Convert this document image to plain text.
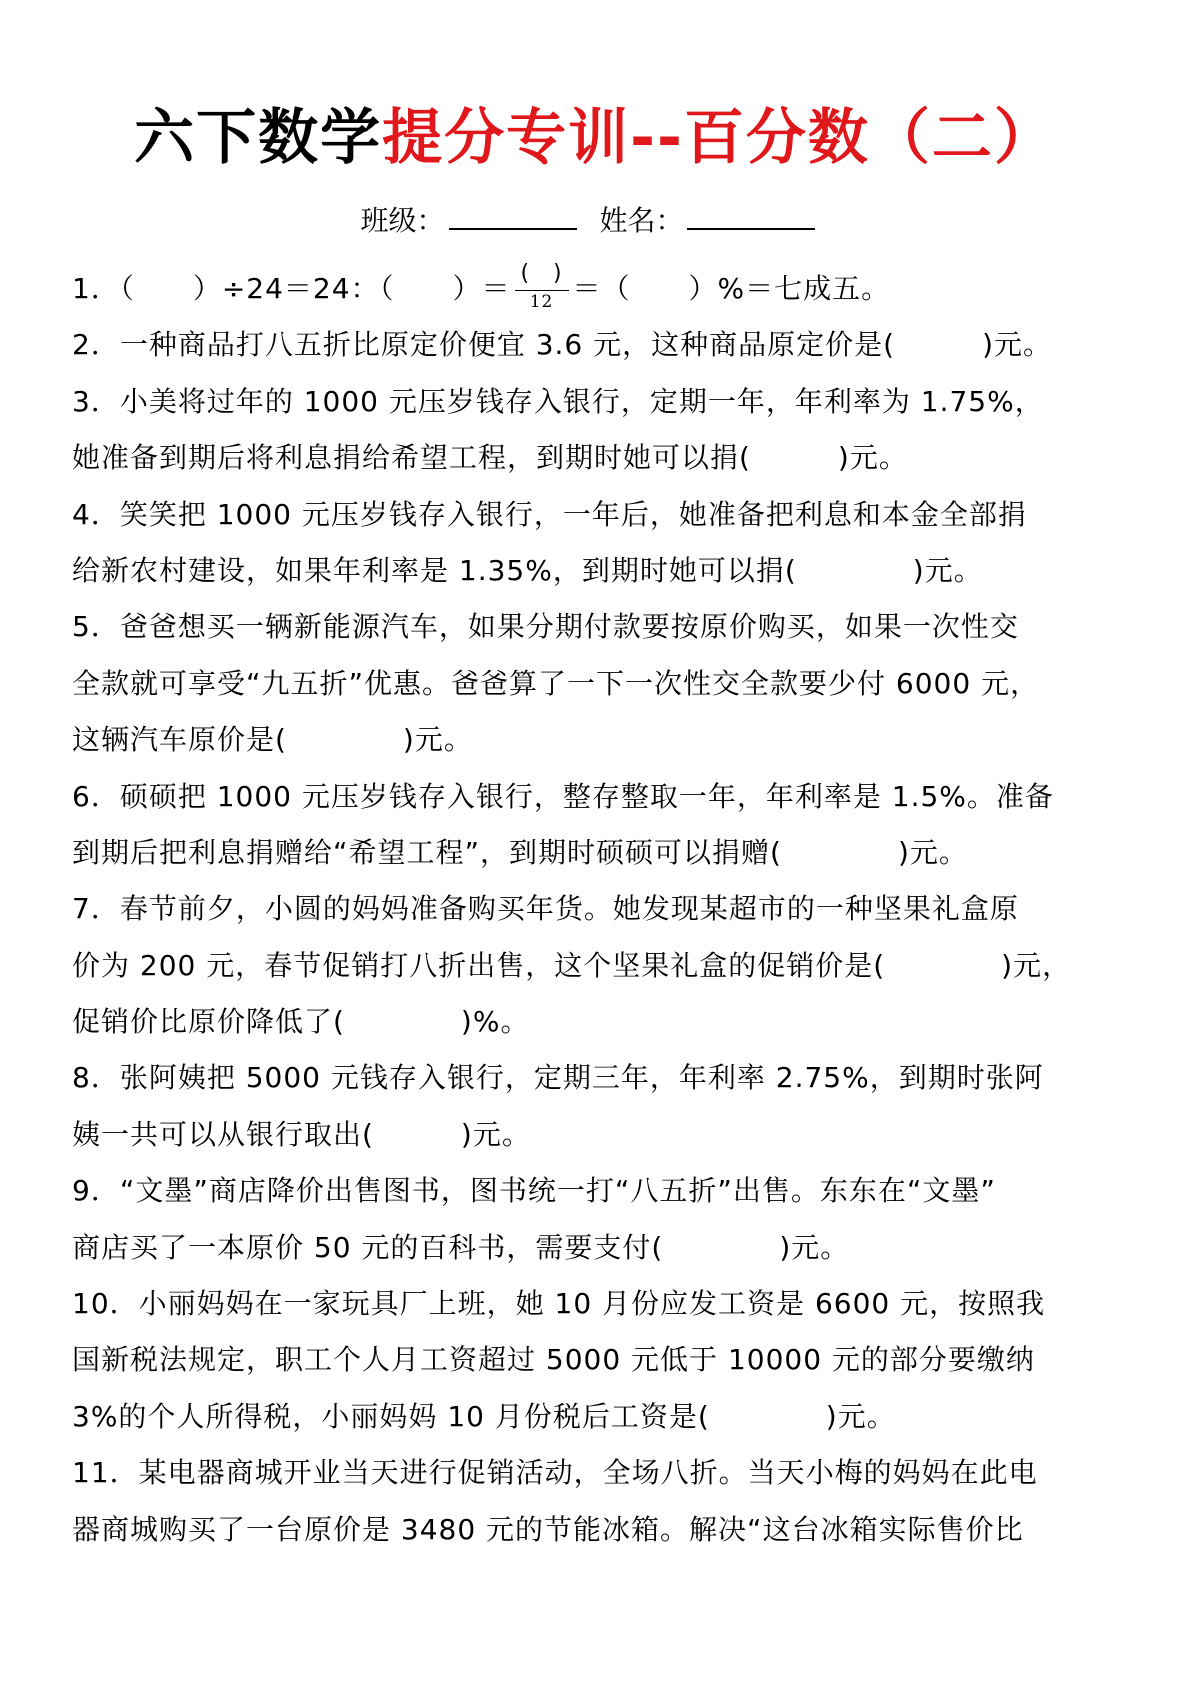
六下数学提分专训--百分数（二）
班级：	姓名：
1．（　　）÷24＝24：（　　）＝ $\frac{( )}{12}$ ＝（　　）%＝七成五。
2．一种商品打八五折比原定价便宜 3.6 元，这种商品原定价是(　　　)元。
3．小美将过年的 1000 元压岁钱存入银行，定期一年，年利率为 1.75%，
她准备到期后将利息捐给希望工程，到期时她可以捐(　　　)元。
4．笑笑把 1000 元压岁钱存入银行，一年后，她准备把利息和本金全部捐
给新农村建设，如果年利率是 1.35%，到期时她可以捐(　　　　)元。
5．爸爸想买一辆新能源汽车，如果分期付款要按原价购买，如果一次性交
全款就可享受“九五折”优惠。爸爸算了一下一次性交全款要少付 6000 元，
这辆汽车原价是(　　　　)元。
6．硕硕把 1000 元压岁钱存入银行，整存整取一年，年利率是 1.5%。准备
到期后把利息捐赠给“希望工程”，到期时硕硕可以捐赠(　　　　)元。
7．春节前夕，小圆的妈妈准备购买年货。她发现某超市的一种坚果礼盒原
价为 200 元，春节促销打八折出售，这个坚果礼盒的促销价是(　　　　)元，
促销价比原价降低了(　　　　)%。
8．张阿姨把 5000 元钱存入银行，定期三年，年利率 2.75%，到期时张阿
姨一共可以从银行取出(　　　)元。
9．“文墨”商店降价出售图书，图书统一打“八五折”出售。东东在“文墨”
商店买了一本原价 50 元的百科书，需要支付(　　　　)元。
10．小丽妈妈在一家玩具厂上班，她 10 月份应发工资是 6600 元，按照我
国新税法规定，职工个人月工资超过 5000 元低于 10000 元的部分要缴纳
3%的个人所得税，小丽妈妈 10 月份税后工资是(　　　　)元。
11．某电器商城开业当天进行促销活动，全场八折。当天小梅的妈妈在此电
器商城购买了一台原价是 3480 元的节能冰箱。解决“这台冰箱实际售价比
